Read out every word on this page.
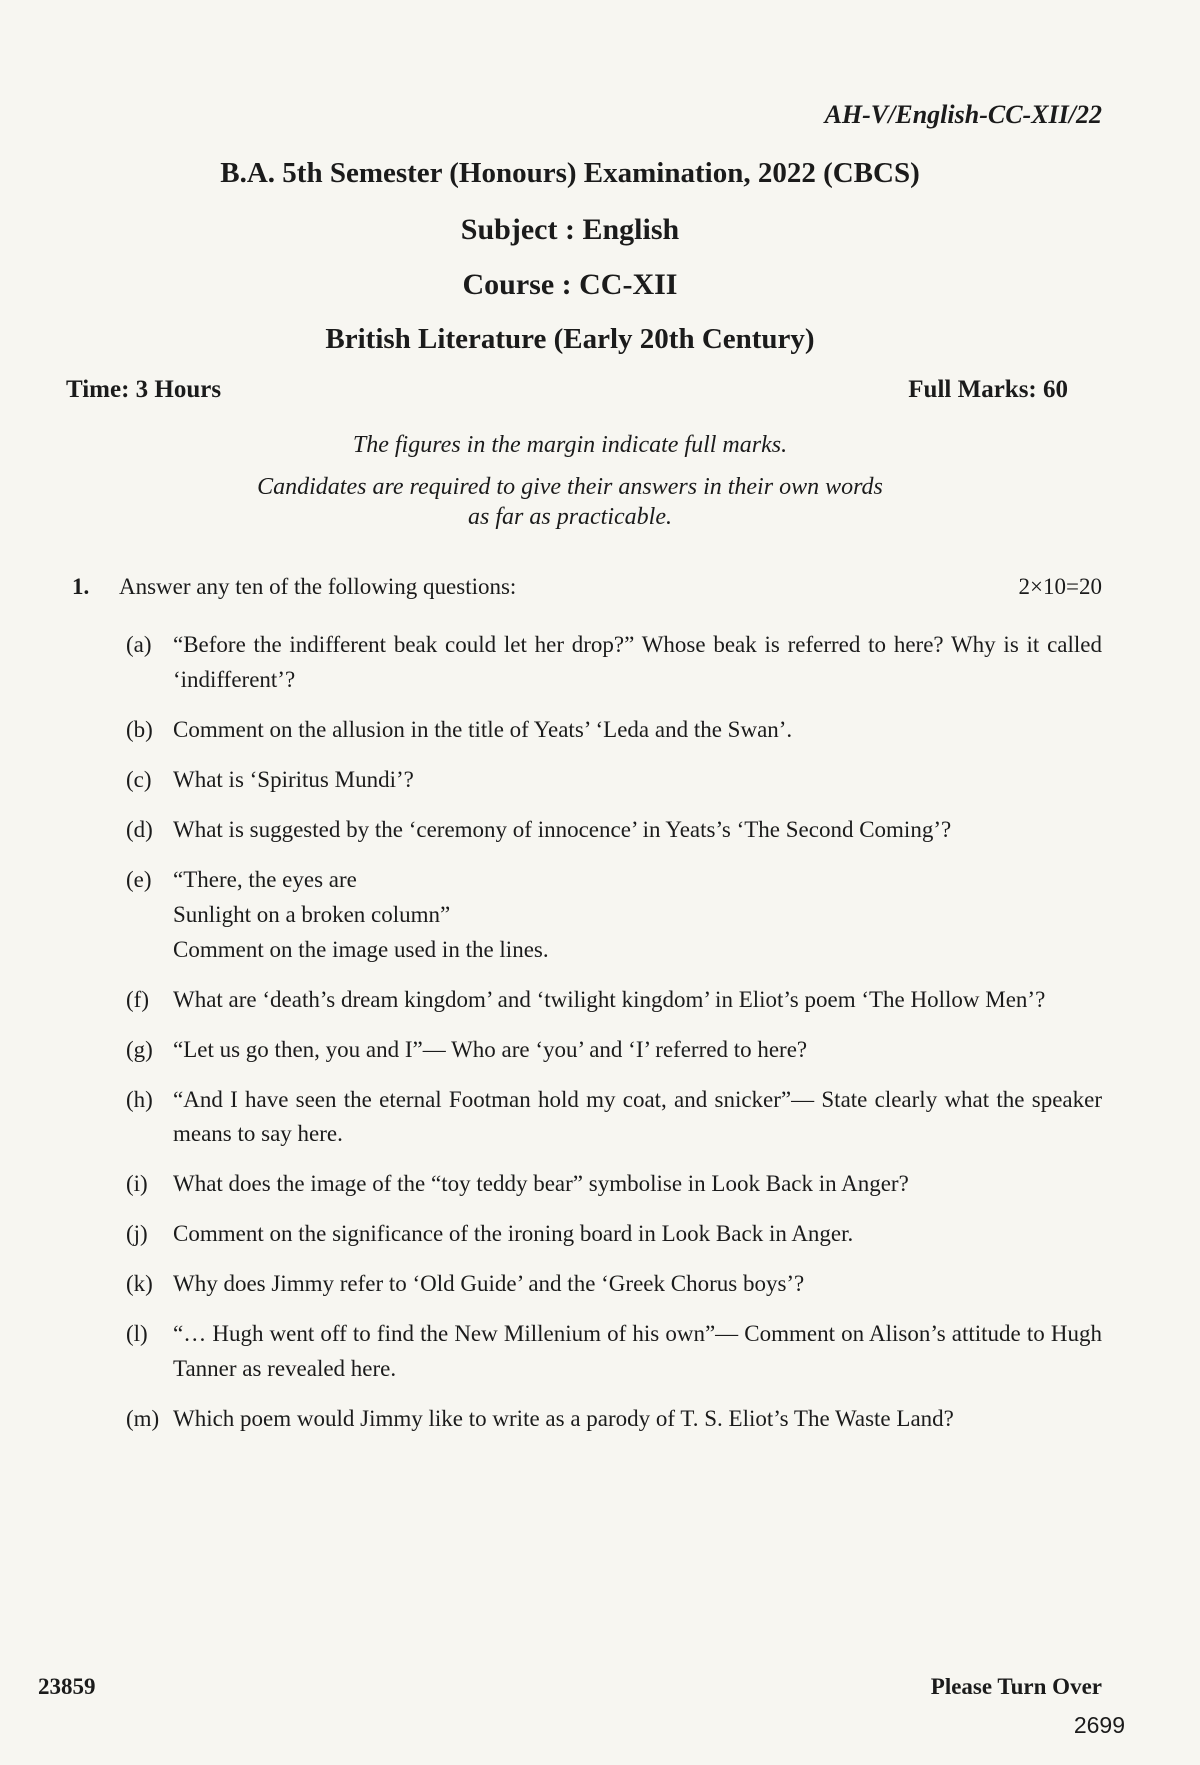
AH-V/English-CC-XII/22
B.A. 5th Semester (Honours) Examination, 2022 (CBCS)
Subject : English
Course : CC-XII
British Literature (Early 20th Century)
Time: 3 Hours	Full Marks: 60
The figures in the margin indicate full marks.
Candidates are required to give their answers in their own words
as far as practicable.
1. Answer any ten of the following questions:	2×10=20
(a) “Before the indifferent beak could let her drop?” Whose beak is referred to here? Why is it called ‘indifferent’?
(b) Comment on the allusion in the title of Yeats’ ‘Leda and the Swan’.
(c) What is ‘Spiritus Mundi’?
(d) What is suggested by the ‘ceremony of innocence’ in Yeats’s ‘The Second Coming’?
(e) “There, the eyes are
Sunlight on a broken column”
Comment on the image used in the lines.
(f) What are ‘death’s dream kingdom’ and ‘twilight kingdom’ in Eliot’s poem ‘The Hollow Men’?
(g) “Let us go then, you and I”— Who are ‘you’ and ‘I’ referred to here?
(h) “And I have seen the eternal Footman hold my coat, and snicker”— State clearly what the speaker means to say here.
(i) What does the image of the “toy teddy bear” symbolise in Look Back in Anger?
(j) Comment on the significance of the ironing board in Look Back in Anger.
(k) Why does Jimmy refer to ‘Old Guide’ and the ‘Greek Chorus boys’?
(l) “… Hugh went off to find the New Millenium of his own”— Comment on Alison’s attitude to Hugh Tanner as revealed here.
(m) Which poem would Jimmy like to write as a parody of T. S. Eliot’s The Waste Land?
23859	Please Turn Over
2699
